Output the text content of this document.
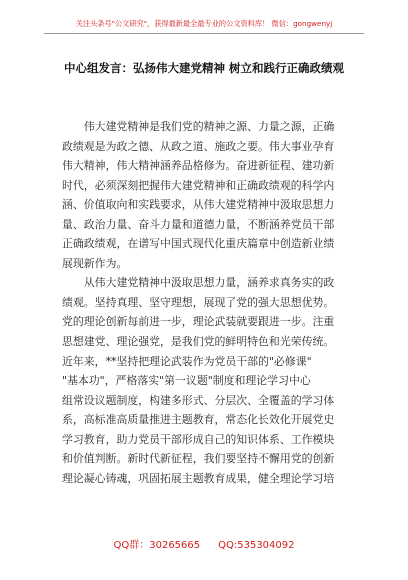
关注头条号"公文研究"，获得最新最全最专业的公文资料库！ 微信：gongwenyj
中心组发言：弘扬伟大建党精神 树立和践行正确政绩观
　　伟大建党精神是我们党的精神之源、力量之源，正确
政绩观是为政之德、从政之道、施政之要。伟大事业孕育
伟大精神，伟大精神涵养品格修为。奋进新征程、建功新
时代，必须深刻把握伟大建党精神和正确政绩观的科学内
涵、价值取向和实践要求，从伟大建党精神中汲取思想力
量、政治力量、奋斗力量和道德力量，不断涵养党员干部
正确政绩观，在谱写中国式现代化重庆篇章中创造新业绩
展现新作为。
　　从伟大建党精神中汲取思想力量，涵养求真务实的政
绩观。坚持真理、坚守理想，展现了党的强大思想优势。
党的理论创新每前进一步，理论武装就要跟进一步。注重
思想建党、理论强党，是我们党的鲜明特色和光荣传统。
近年来，**坚持把理论武装作为党员干部的"必修课"
"基本功"，严格落实"第一议题"制度和理论学习中心
组常设议题制度，构建多形式、分层次、全覆盖的学习体
系，高标准高质量推进主题教育，常态化长效化开展党史
学习教育，助力党员干部形成自己的知识体系、工作模块
和价值判断。新时代新征程，我们要坚持不懈用党的创新
理论凝心铸魂，巩固拓展主题教育成果，健全理论学习培
QQ群：30265665 QQ:535304092
